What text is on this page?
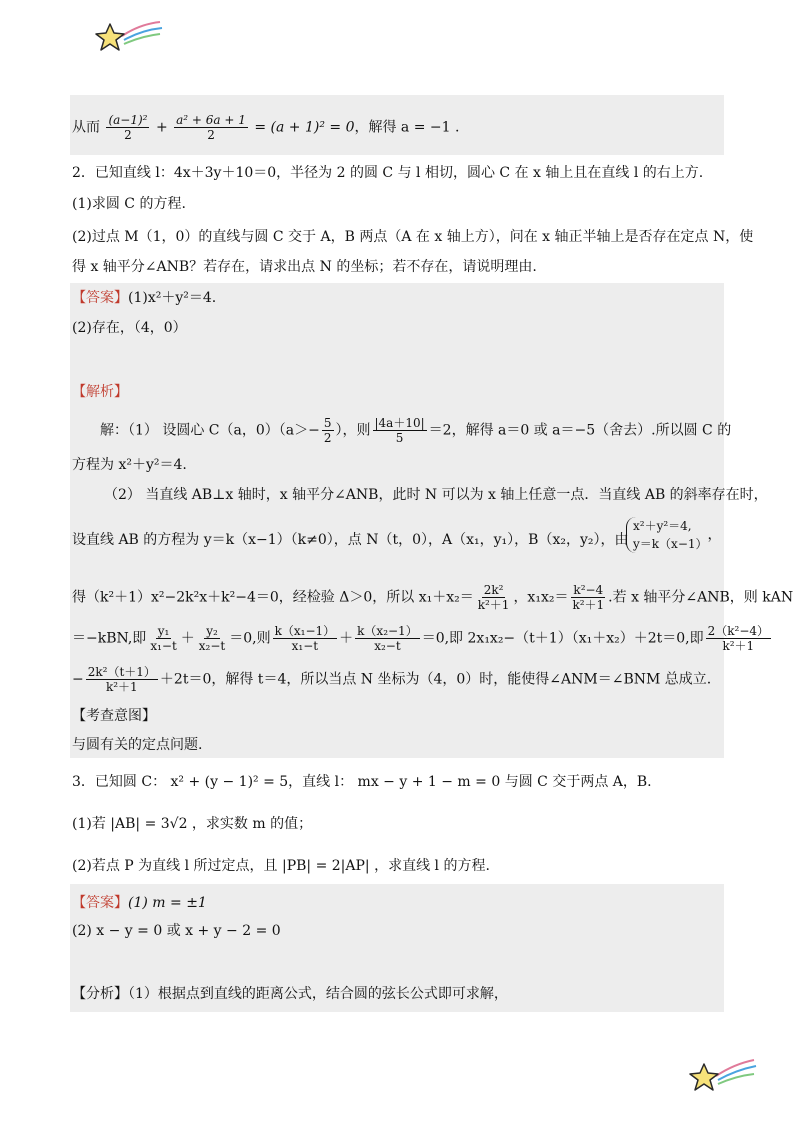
从而 $\frac{\text{(a−1)²}}{2} + \frac{\text{a² + 6a + 1}}{2} = (a + 1)^2 = 0$，解得 a = −1 .
2．已知直线 l：4x＋3y＋10＝0，半径为 2 的圆 C 与 l 相切，圆心 C 在 x 轴上且在直线 l 的右上方.
(1)求圆 C 的方程.
(2)过点 M（1，0）的直线与圆 C 交于 A，B 两点（A 在 x 轴上方），问在 x 轴正半轴上是否存在定点 N，使
得 x 轴平分∠ANB？若存在，请求出点 N 的坐标；若不存在，请说明理由.
【答案】(1)x²＋y²＝4.
(2)存在，（4，0）
【解析】
解：（1） 设圆心 C（a，$0)(a>- \frac{5}{2}$ ），则 $\frac{|4a+10|}{5} =2$，解得 a＝0 或 a＝−5（舍去）.所以圆 C 的
方程为 x²＋y²＝4.
（2） 当直线 AB⊥x 轴时，x 轴平分∠ANB，此时 N 可以为 x 轴上任意一点．当直线 AB 的斜率存在时，
设直线 AB 的方程为 y＝k（x−1）（k≠0），点 N（t，0），A（x₁，y₁），B（x₂，y₂），由
x²＋y²＝4,
y＝k（x−1），
得（k²＋1）x²−2k²x＋k²−4＝0，经检验 Δ＞0，所以 $x_1+x_2= \frac{\text{2k²}}{\text{k²＋1}}$ ，$x_1x_2= \frac{\text{k²−4}}{\text{k²＋1}}$ .若 x 轴平分∠ANB，则 kAN
＝−kBN,即 $\frac{\text{y₁}}{\text{x₁−t}} + \frac{\text{y₂}}{\text{x₂−t}} =0$,则 $\frac{\text{k（x₁−1）}}{\text{x₁−t}} + \frac{\text{k（x₂−1）}}{\text{x₂−t}} =0$,即 2x₁x₂−（t＋1）（x₁＋x₂）＋2t＝0,即 $\frac{\text{2（k²−4）}}{\text{k²＋1}}$
− $\frac{\text{2k²（t＋1）}}{\text{k²＋1}} +2t=0$，解得 t＝4，所以当点 N 坐标为（4，0）时，能使得∠ANM＝∠BNM 总成立.
【考查意图】
与圆有关的定点问题.
3．已知圆 C： x² + (y − 1)² = 5，直线 l： mx − y + 1 − m = 0 与圆 C 交于两点 A，B.
(1)若 |AB| = 3√2 ，求实数 m 的值；
(2)若点 P 为直线 l 所过定点，且 |PB| = 2|AP| ，求直线 l 的方程.
【答案】(1) m = ±1
(2) x − y = 0 或 x + y − 2 = 0
【分析】（1）根据点到直线的距离公式，结合圆的弦长公式即可求解，
